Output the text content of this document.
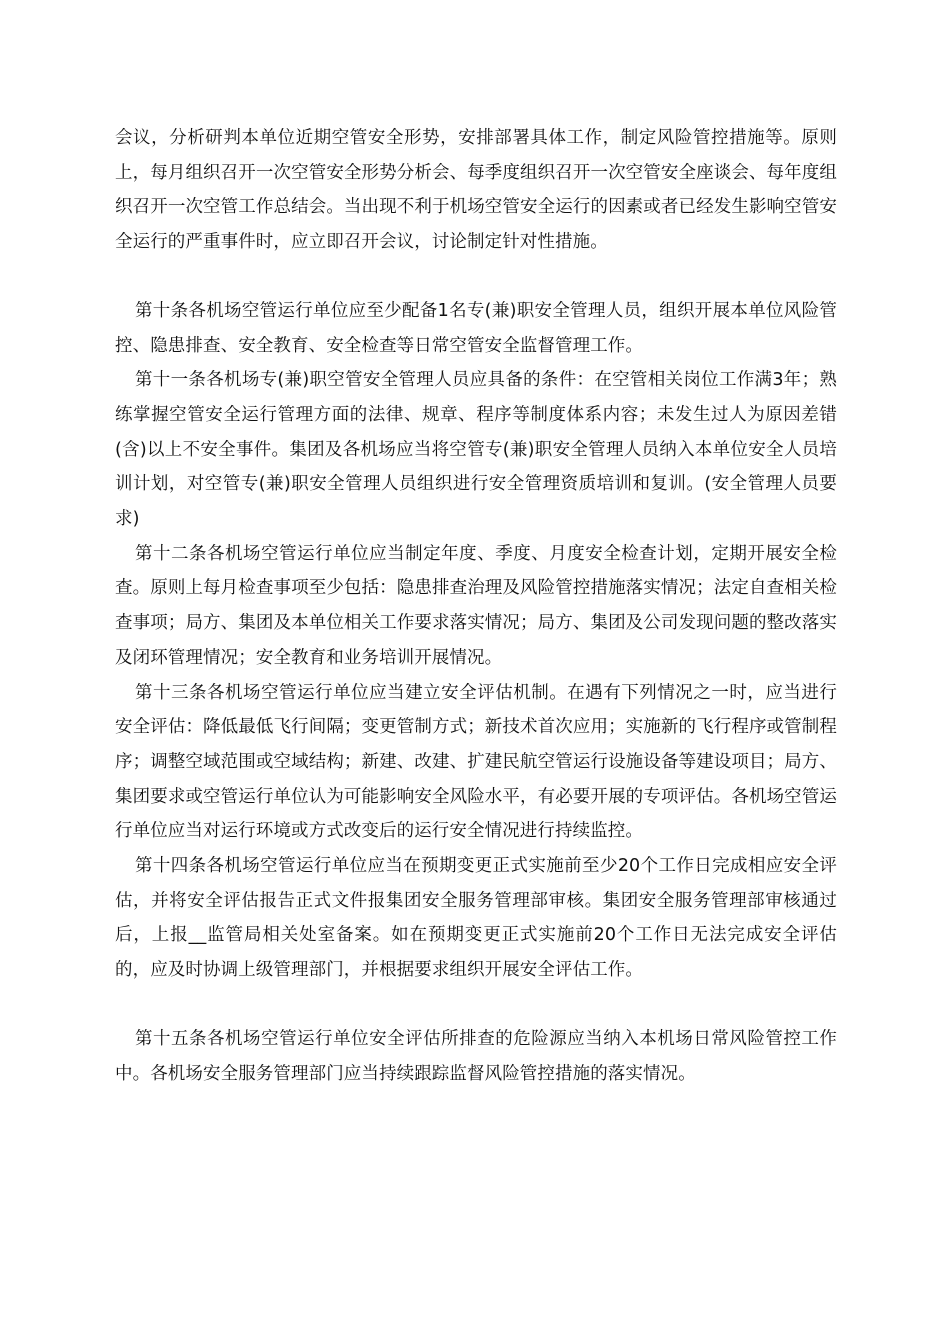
会议，分析研判本单位近期空管安全形势，安排部署具体工作，制定风险管控措施等。原则上，每月组织召开一次空管安全形势分析会、每季度组织召开一次空管安全座谈会、每年度组织召开一次空管工作总结会。当出现不利于机场空管安全运行的因素或者已经发生影响空管安全运行的严重事件时，应立即召开会议，讨论制定针对性措施。

第十条各机场空管运行单位应至少配备1名专(兼)职安全管理人员，组织开展本单位风险管控、隐患排查、安全教育、安全检查等日常空管安全监督管理工作。

第十一条各机场专(兼)职空管安全管理人员应具备的条件：在空管相关岗位工作满3年；熟练掌握空管安全运行管理方面的法律、规章、程序等制度体系内容；未发生过人为原因差错(含)以上不安全事件。集团及各机场应当将空管专(兼)职安全管理人员纳入本单位安全人员培训计划，对空管专(兼)职安全管理人员组织进行安全管理资质培训和复训。(安全管理人员要求)

第十二条各机场空管运行单位应当制定年度、季度、月度安全检查计划，定期开展安全检查。原则上每月检查事项至少包括：隐患排查治理及风险管控措施落实情况；法定自查相关检查事项；局方、集团及本单位相关工作要求落实情况；局方、集团及公司发现问题的整改落实及闭环管理情况；安全教育和业务培训开展情况。

第十三条各机场空管运行单位应当建立安全评估机制。在遇有下列情况之一时，应当进行安全评估：降低最低飞行间隔；变更管制方式；新技术首次应用；实施新的飞行程序或管制程序；调整空域范围或空域结构；新建、改建、扩建民航空管运行设施设备等建设项目；局方、集团要求或空管运行单位认为可能影响安全风险水平，有必要开展的专项评估。各机场空管运行单位应当对运行环境或方式改变后的运行安全情况进行持续监控。

第十四条各机场空管运行单位应当在预期变更正式实施前至少20个工作日完成相应安全评估，并将安全评估报告正式文件报集团安全服务管理部审核。集团安全服务管理部审核通过后，上报__监管局相关处室备案。如在预期变更正式实施前20个工作日无法完成安全评估的，应及时协调上级管理部门，并根据要求组织开展安全评估工作。

第十五条各机场空管运行单位安全评估所排查的危险源应当纳入本机场日常风险管控工作中。各机场安全服务管理部门应当持续跟踪监督风险管控措施的落实情况。
